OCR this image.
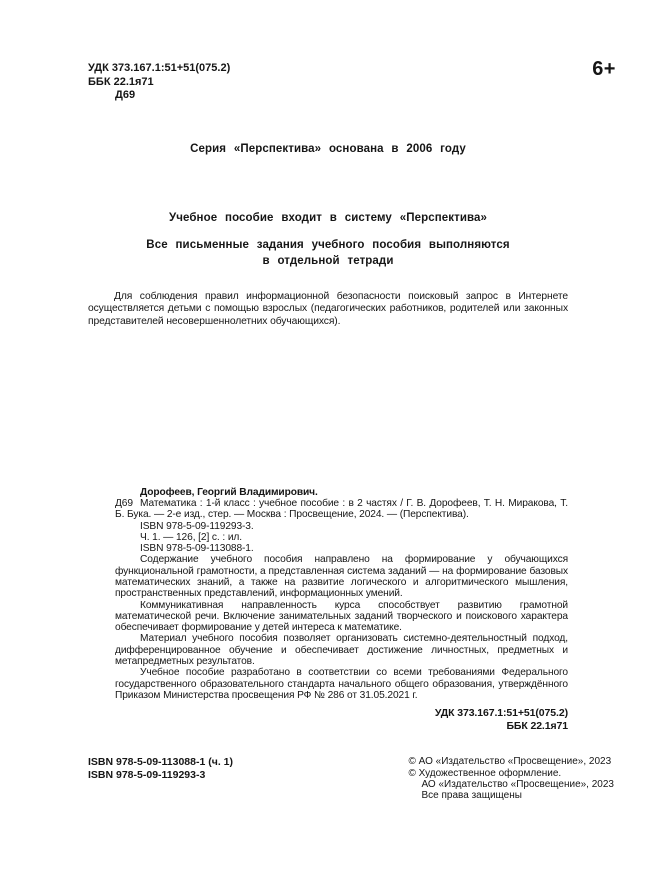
УДК 373.167.1:51+51(075.2)
ББК 22.1я71
Д69
6+
Серия «Перспектива» основана в 2006 году
Учебное пособие входит в систему «Перспектива»
Все письменные задания учебного пособия выполняются
в отдельной тетради
Для соблюдения правил информационной безопасности поисковый запрос в Интернете осуществляется детьми с помощью взрослых (педагогических работников, родителей или законных представителей несовершеннолетних обучающихся).

Дорофеев, Георгий Владимирович.

Д69 Математика : 1-й класс : учебное пособие : в 2 частях / Г. В. Дорофеев, Т. Н. Миракова, Т. Б. Бука. — 2-е изд., стер. — Москва : Просвещение, 2024. — (Перспектива).

ISBN 978-5-09-119293-3.

Ч. 1. — 126, [2] с. : ил.

ISBN 978-5-09-113088-1.

Содержание учебного пособия направлено на формирование у обучающихся функциональной грамотности, а представленная система заданий — на формирование базовых математических знаний, а также на развитие логического и алгоритмического мышления, пространственных представлений, информационных умений.

Коммуникативная направленность курса способствует развитию грамотной математической речи. Включение занимательных заданий творческого и поискового характера обеспечивает формирование у детей интереса к математике.

Материал учебного пособия позволяет организовать системно-деятельностный подход, дифференцированное обучение и обеспечивает достижение личностных, предметных и метапредметных результатов.

Учебное пособие разработано в соответствии со всеми требованиями Федерального государственного образовательного стандарта начального общего образования, утверждённого Приказом Министерства просвещения РФ № 286 от 31.05.2021 г.

УДК 373.167.1:51+51(075.2)
ББК 22.1я71
ISBN 978-5-09-113088-1 (ч. 1)
ISBN 978-5-09-119293-3
© АО «Издательство «Просвещение», 2023
© Художественное оформление.
АО «Издательство «Просвещение», 2023
Все права защищены
